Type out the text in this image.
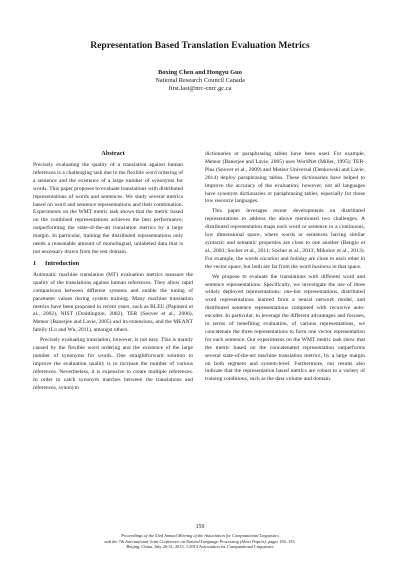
Representation Based Translation Evaluation Metrics
Boxing Chen and Hongyu Guo
National Research Council Canada
first.last@nrc-cnrc.gc.ca
Abstract

Precisely evaluating the quality of a translation against human references is a challenging task due to the flexible word ordering of a sentence and the existence of a large number of synonyms for words. This paper proposes to evaluate translations with distributed representations of words and sentences. We study several metrics based on word and sentence representations and their combination. Experiments on the WMT metric task shows that the metric based on the combined representations achieves the best performance, outperforming the state-of-the-art translation metrics by a large margin. In particular, training the distributed representations only needs a reasonable amount of monolingual, unlabeled data that is not necessary drawn from the test domain.

1 Introduction

Automatic machine translation (MT) evaluation metrics measure the quality of the translations against human references. They allow rapid comparisons between different systems and enable the tuning of parameter values during system training. Many machine translation metrics have been proposed in recent years, such as BLEU (Papineni et al., 2002), NIST (Doddington, 2002), TER (Snover et al., 2006), Meteor (Banerjee and Lavie, 2005) and its extensions, and the MEANT family (Lo and Wu, 2011), amongst others.

Precisely evaluating translation, however, is not easy. This is mainly caused by the flexible word ordering and the existence of the large number of synonyms for words. One straightforward solution to improve the evaluation quality is to increase the number of various references. Nevertheless, it is expensive to create multiple references. In order to catch synonym matches between the translations and references, synonym

dictionaries or paraphrasing tables have been used. For example, Meteor (Banerjee and Lavie, 2005) uses WordNet (Miller, 1995); TER-Plus (Snover et al., 2009) and Meteor Universal (Denkowski and Lavie, 2014) deploy paraphrasing tables. These dictionaries have helped to improve the accuracy of the evaluation; however, not all languages have synonym dictionaries or paraphrasing tables, especially for those low resource languages.

This paper leverages recent developments on distributed representations to address the above mentioned two challenges. A distributed representation maps each word or sentence to a continuous, low dimensional space, where words or sentences having similar syntactic and semantic properties are close to one another (Bengio et al., 2003; Socher et al., 2011; Socher et al., 2013; Mikolov et al., 2013). For example, the words vacation and holiday are close to each other in the vector space, but both are far from the word business in that space.

We propose to evaluate the translations with different word and sentence representations. Specifically, we investigate the use of three widely deployed representations: one-hot representations, distributed word representations learned from a neural network model, and distributed sentence representations computed with recursive auto-encoder. In particular, to leverage the different advantages and focuses, in terms of benefiting evaluation, of various representations, we concatenate the three representations to form one vector representation for each sentence. Our experiments on the WMT metric task show that the metric based on the concatenated representation outperforms several state-of-the-art machine translation metrics, by a large margin on both segment and system-level. Furthermore, our results also indicate that the representation based metrics are robust to a variety of training conditions, such as the data volume and domain.

150
Proceedings of the 53rd Annual Meeting of the Association for Computational Linguistics
and the 7th International Joint Conference on Natural Language Processing (Short Papers), pages 150–155,
Beijing, China, July 26-31, 2015. ©2015 Association for Computational Linguistics
